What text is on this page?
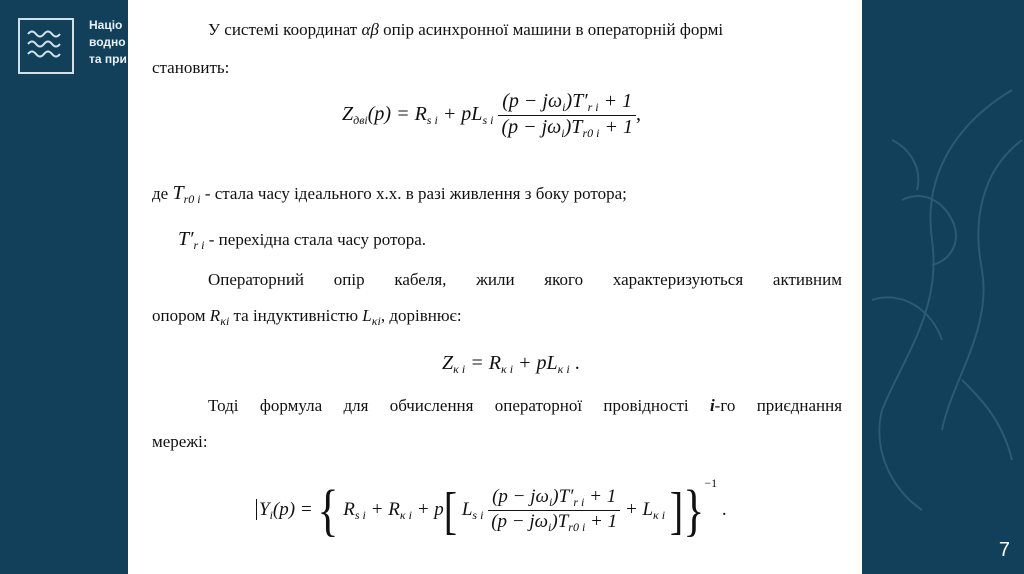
Націо
водно
та при
У системі координат αβ опір асинхронної машини в операторній формі
становить:
$Z_{дві}(p) = R_{s i} + pL_{s i} \frac{(p - j\omega_i)T'_{r i} + 1}{(p - j\omega_i)T_{r0 i} + 1}$ ,
де $T_{r0 i}$ - стала часу ідеального х.х. в разі живлення з боку ротора;
$T'_{r i}$ - перехідна стала часу ротора.
Операторний опір кабеля, жили якого характеризуються активним
опором $R_{\kappa i}$ та індуктивністю $L_{\kappa i}$, дорівнює:
$Z_{\kappa i} = R_{\kappa i} + pL_{\kappa i}$ .
Тоді формула для обчислення операторної провідності i-го приєднання
мережі:
$Y_i(p)$ = { $R_{s i} + R_{\kappa i} + p$[ $L_{s i} \frac{(p - j\omega_i)T'_{r i} + 1}{(p - j\omega_i)T_{r0 i} + 1} + L_{\kappa i}$ ]}$^{-1}$ .
7
